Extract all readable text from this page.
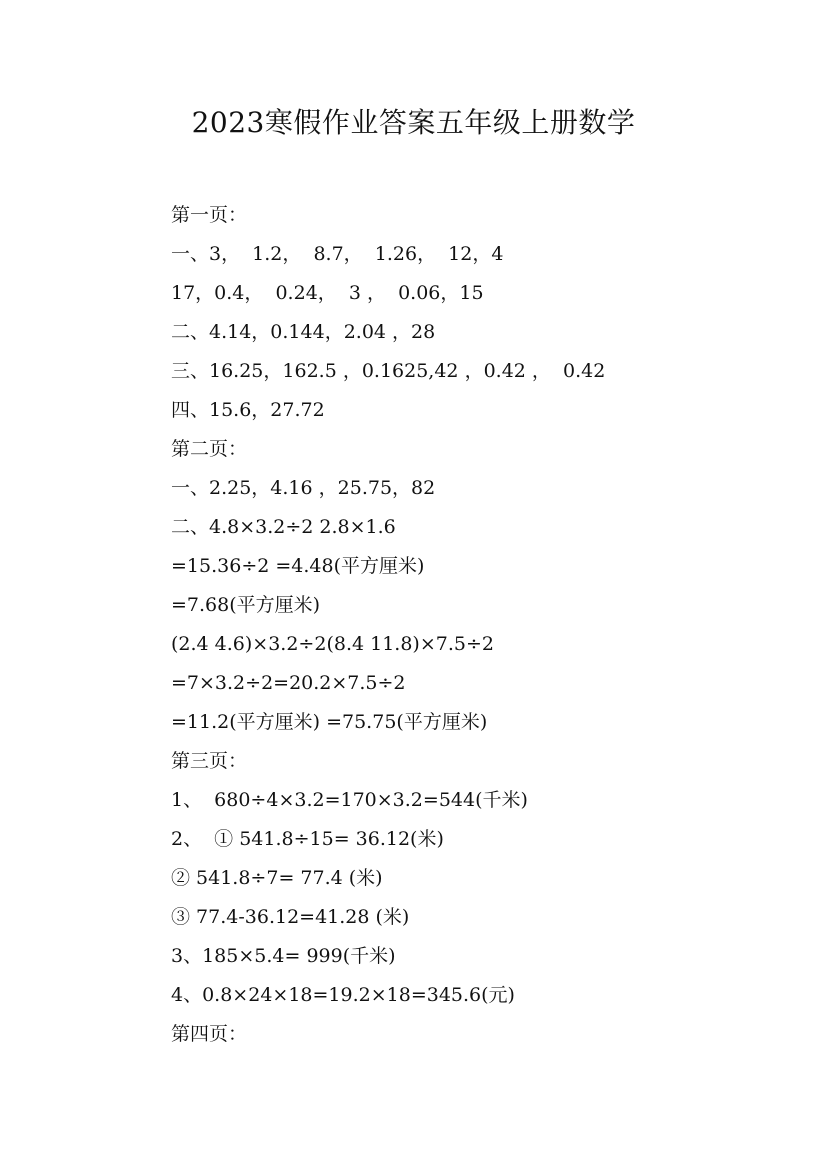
2023寒假作业答案五年级上册数学

第一页：

一、3，  1.2，  8.7，  1.26，  12，4

17，0.4，  0.24，  3 ，  0.06，15

二、4.14，0.144，2.04 ，28

三、16.25，162.5 ，0.1625,42 ，0.42 ，  0.42

四、15.6，27.72

第二页：

一、2.25，4.16 ，25.75，82

二、4.8×3.2÷2 2.8×1.6

=15.36÷2 =4.48(平方厘米)

=7.68(平方厘米)

(2.4 4.6)×3.2÷2(8.4 11.8)×7.5÷2

=7×3.2÷2=20.2×7.5÷2

=11.2(平方厘米) =75.75(平方厘米)

第三页：

1、  680÷4×3.2=170×3.2=544(千米)

2、  ① 541.8÷15= 36.12(米)

② 541.8÷7= 77.4 (米)

③ 77.4-36.12=41.28 (米)

3、185×5.4= 999(千米)

4、0.8×24×18=19.2×18=345.6(元)

第四页：
